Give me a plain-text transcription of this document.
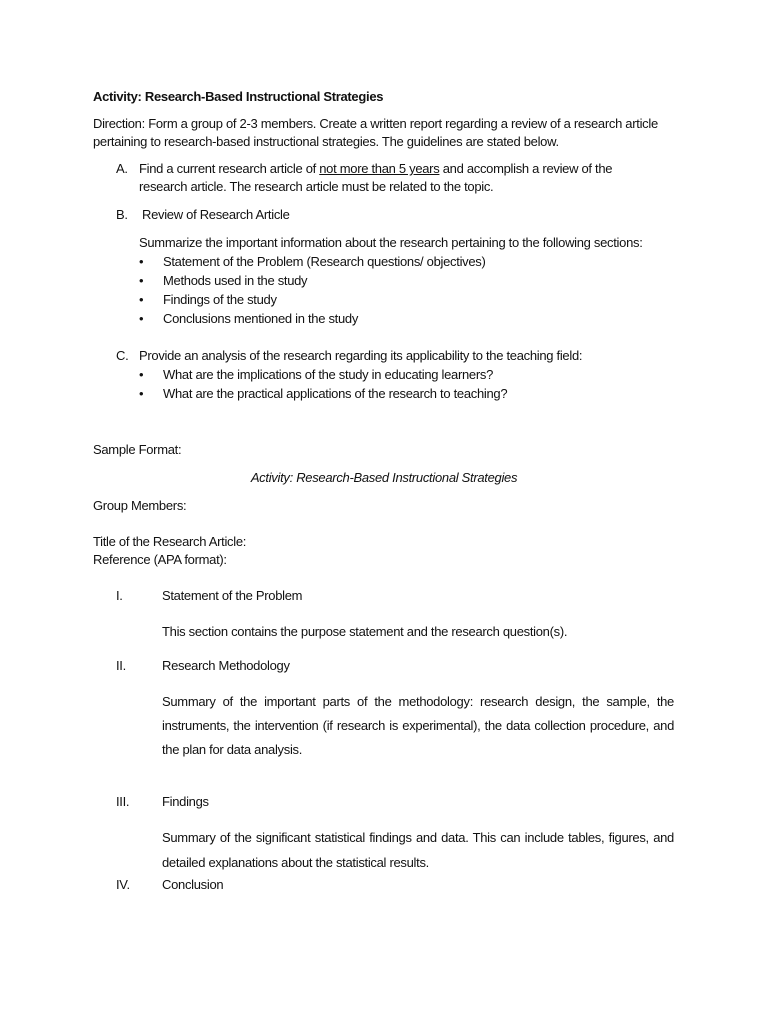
Activity: Research-Based Instructional Strategies
Direction: Form a group of 2-3 members. Create a written report regarding a review of a research article
pertaining to research-based instructional strategies. The guidelines are stated below.
A. Find a current research article of not more than 5 years and accomplish a review of the
research article. The research article must be related to the topic.
B. Review of Research Article
Summarize the important information about the research pertaining to the following sections:
• Statement of the Problem (Research questions/ objectives)
• Methods used in the study
• Findings of the study
• Conclusions mentioned in the study
C. Provide an analysis of the research regarding its applicability to the teaching field:
• What are the implications of the study in educating learners?
• What are the practical applications of the research to teaching?
Sample Format:
Activity: Research-Based Instructional Strategies
Group Members:
Title of the Research Article:
Reference (APA format):
I.	Statement of the Problem
This section contains the purpose statement and the research question(s).
II.	Research Methodology
Summary of the important parts of the methodology: research design, the sample, the instruments, the intervention (if research is experimental), the data collection procedure, and the plan for data analysis.
III.	Findings
Summary of the significant statistical findings and data. This can include tables, figures, and detailed explanations about the statistical results.
IV. Conclusion
